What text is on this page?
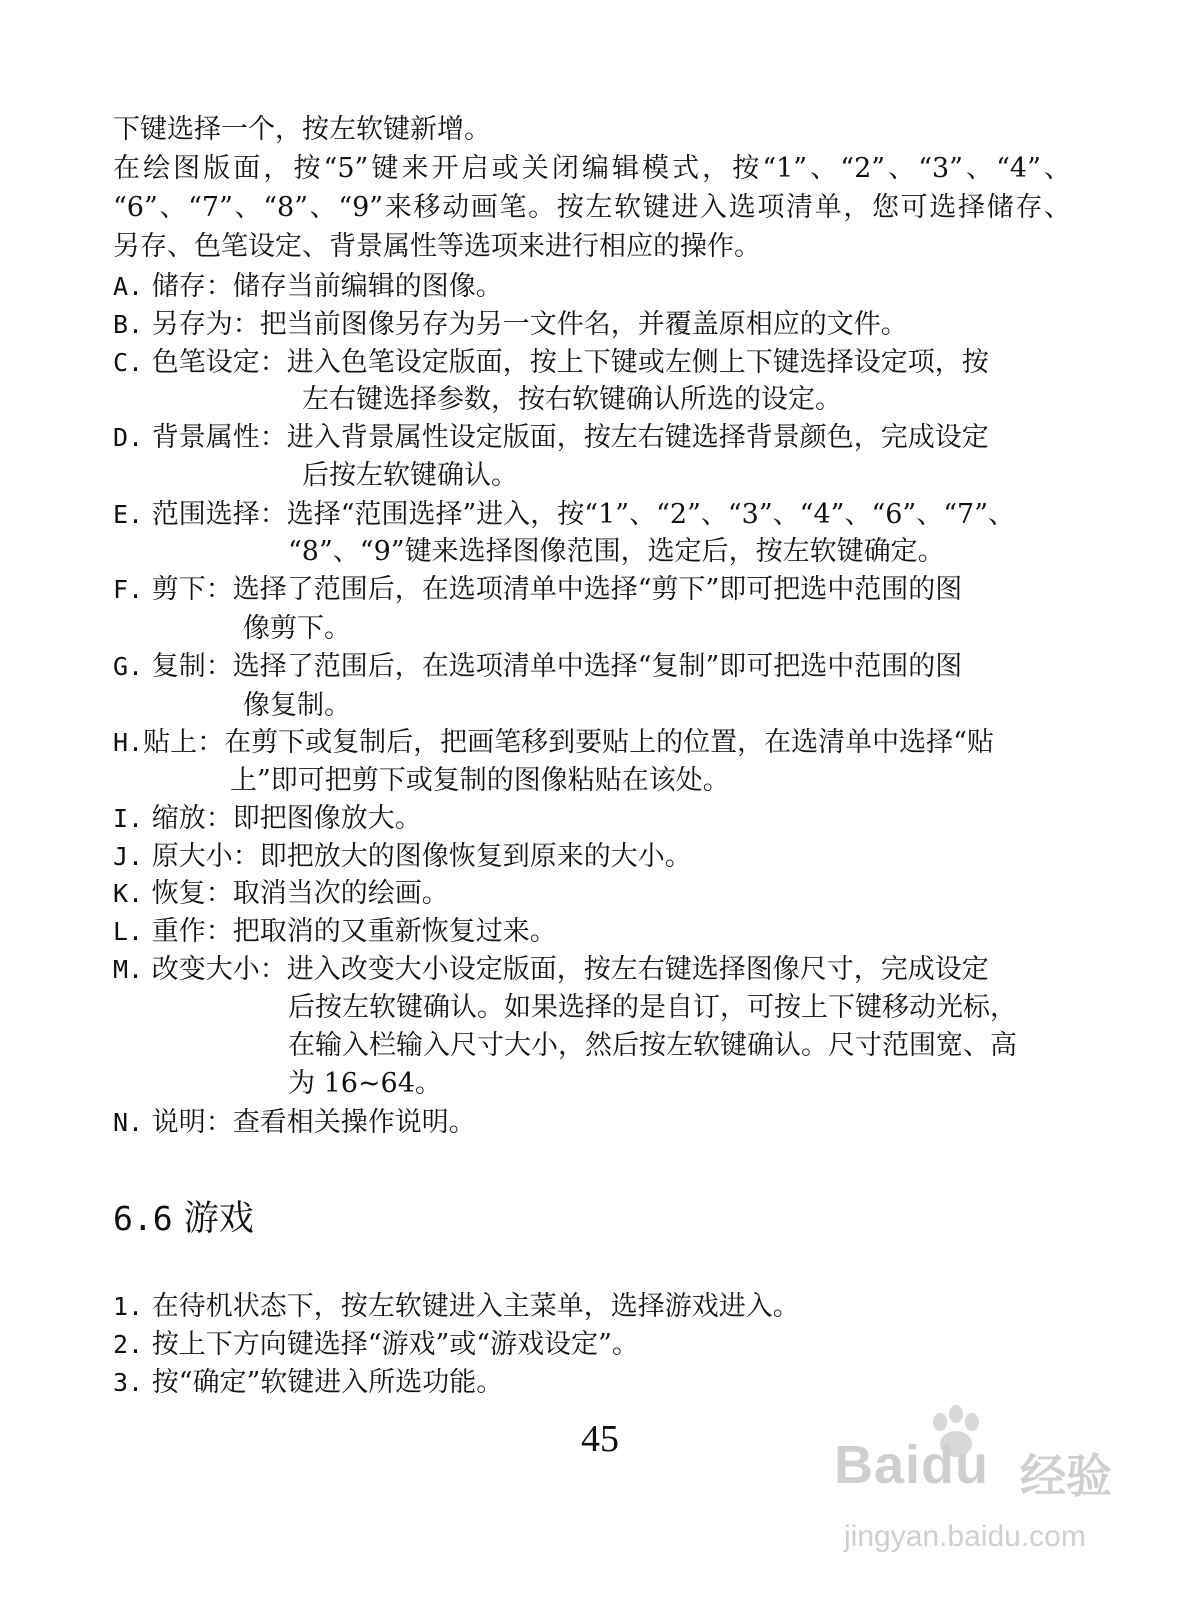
下键选择一个，按左软键新增。
在绘图版面，按“5”键来开启或关闭编辑模式，按“1”、“2”、“3”、“4”、
“6”、“7”、“8”、“9”来移动画笔。按左软键进入选项清单，您可选择储存、
另存、色笔设定、背景属性等选项来进行相应的操作。
A. 储存：储存当前编辑的图像。
B. 另存为：把当前图像另存为另一文件名，并覆盖原相应的文件。
C. 色笔设定：进入色笔设定版面，按上下键或左侧上下键选择设定项，按
左右键选择参数，按右软键确认所选的设定。
D. 背景属性：进入背景属性设定版面，按左右键选择背景颜色，完成设定
后按左软键确认。
E. 范围选择：选择“范围选择”进入，按“1”、“2”、“3”、“4”、“6”、“7”、
“8”、“9”键来选择图像范围，选定后，按左软键确定。
F. 剪下：选择了范围后，在选项清单中选择“剪下”即可把选中范围的图
像剪下。
G. 复制：选择了范围后，在选项清单中选择“复制”即可把选中范围的图
像复制。
H.贴上：在剪下或复制后，把画笔移到要贴上的位置，在选清单中选择“贴
上”即可把剪下或复制的图像粘贴在该处。
I. 缩放：即把图像放大。
J. 原大小：即把放大的图像恢复到原来的大小。
K. 恢复：取消当次的绘画。
L. 重作：把取消的又重新恢复过来。
M. 改变大小：进入改变大小设定版面，按左右键选择图像尺寸，完成设定
后按左软键确认。如果选择的是自订，可按上下键移动光标，
在输入栏输入尺寸大小，然后按左软键确认。尺寸范围宽、高
为 16~64。
N. 说明：查看相关操作说明。
6.6 游戏
1. 在待机状态下，按左软键进入主菜单，选择游戏进入。
2. 按上下方向键选择“游戏”或“游戏设定”。
3. 按“确定”软键进入所选功能。
45	Baidu 经验
jingyan.baidu.com
